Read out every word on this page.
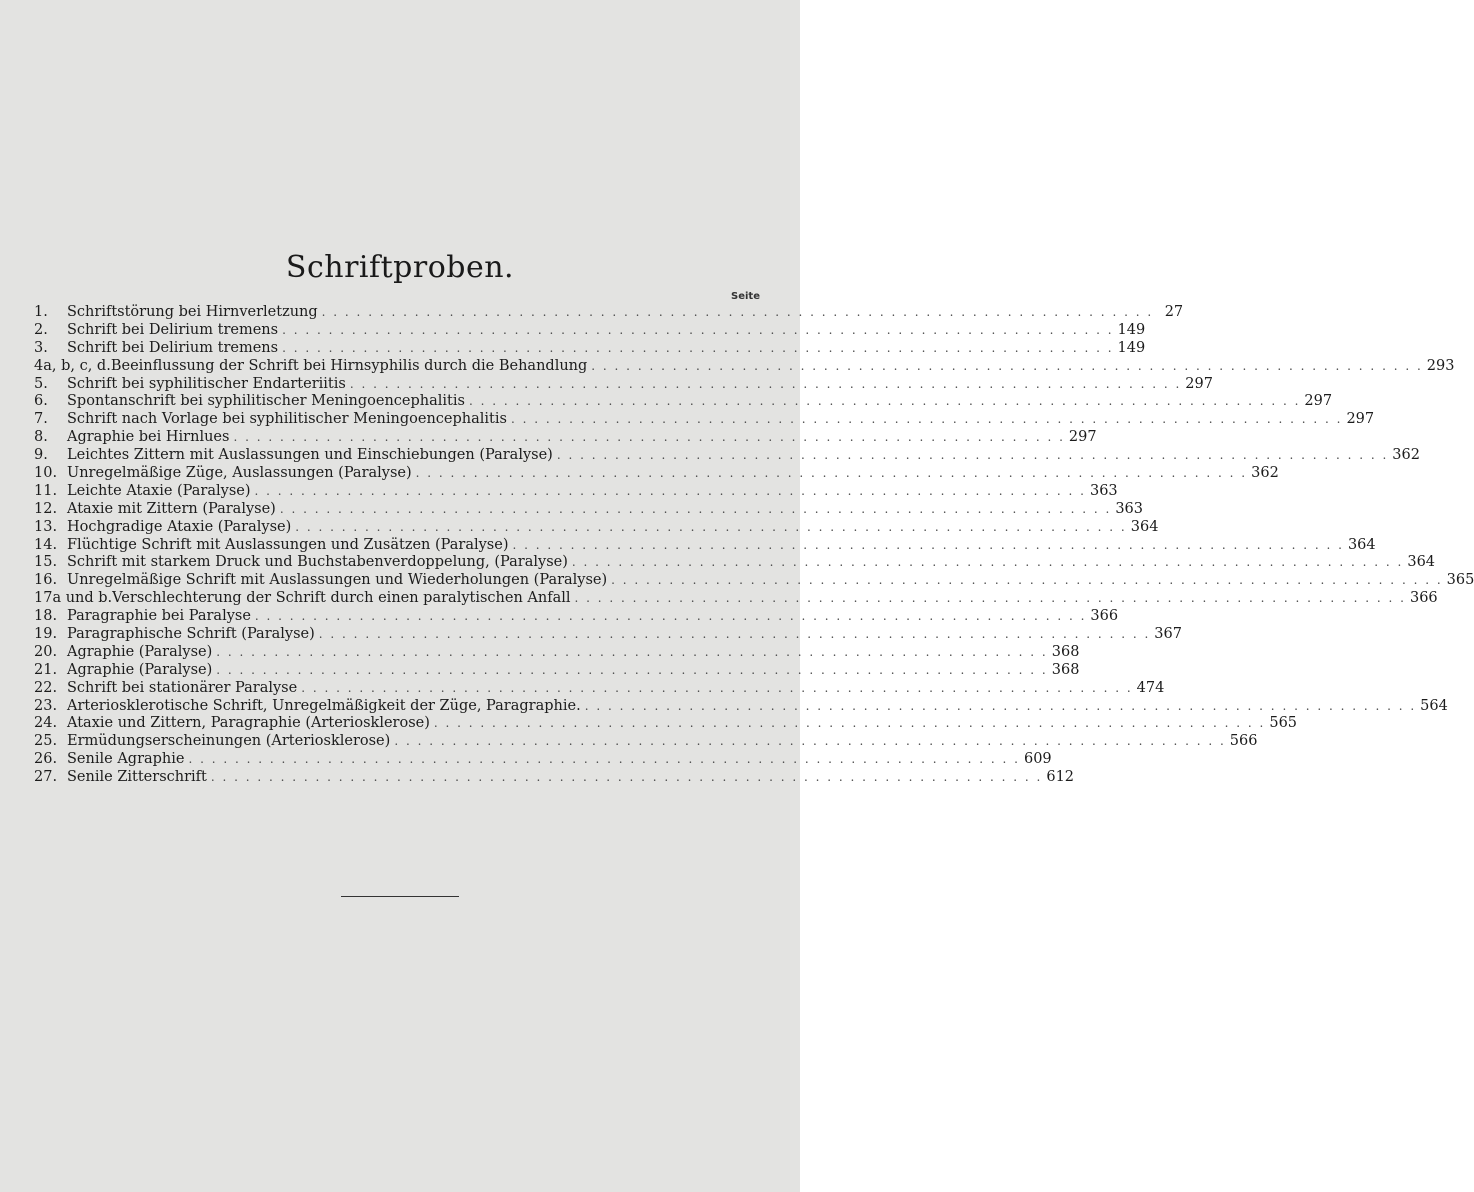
Schriftproben.
Seite
1.	Schriftstörung bei Hirnverletzung . . .	27
2.	Schrift bei Delirium tremens . . .	149
3.	Schrift bei Delirium tremens . . .	149
4a, b, c, d. Beeinflussung der Schrift bei Hirnsyphilis durch die Behandlung . . .	293
5.	Schrift bei syphilitischer Endarteriitis . . .	297
6.	Spontanschrift bei syphilitischer Meningoencephalitis . . .	297
7.	Schrift nach Vorlage bei syphilitischer Meningoencephalitis . . .	297
8.	Agraphie bei Hirnlues . . .	297
9.	Leichtes Zittern mit Auslassungen und Einschiebungen (Paralyse) . . .	362
10. Unregelmäßige Züge, Auslassungen (Paralyse) . . .	362
11. Leichte Ataxie (Paralyse) . . .	363
12. Ataxie mit Zittern (Paralyse) . . .	363
13. Hochgradige Ataxie (Paralyse) . . .	364
14. Flüchtige Schrift mit Auslassungen und Zusätzen (Paralyse) . . .	364
15. Schrift mit starkem Druck und Buchstabenverdoppelung, (Paralyse) . . .	364
16. Unregelmäßige Schrift mit Auslassungen und Wiederholungen (Paralyse) . . .	365
17a und b. Verschlechterung der Schrift durch einen paralytischen Anfall . . .	366
18. Paragraphie bei Paralyse . . .	366
19. Paragraphische Schrift (Paralyse) . . .	367
20. Agraphie (Paralyse) . . .	368
21. Agraphie (Paralyse) . . .	368
22. Schrift bei stationärer Paralyse . . .	474
23. Arteriosklerotische Schrift, Unregelmäßigkeit der Züge, Paragraphie. . . .	564
24. Ataxie und Zittern, Paragraphie (Arteriosklerose) . . .	565
25. Ermüdungserscheinungen (Arteriosklerose) . . .	566
26. Senile Agraphie . . .	609
27. Senile Zitterschrift . . .	612
